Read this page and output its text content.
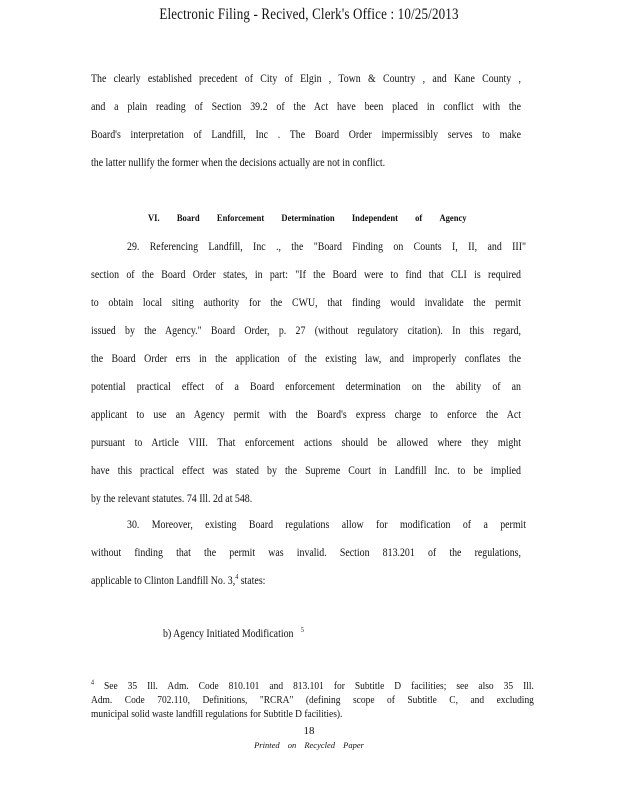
Electronic Filing - Recived, Clerk's Office : 10/25/2013
The clearly established precedent of City of Elgin , Town & Country , and Kane County ,
and a plain reading of Section 39.2 of the Act have been placed in conflict with the
Board's interpretation of Landfill, Inc . The Board Order impermissibly serves to make
the latter nullify the former when the decisions actually are not in conflict.
VI. Board Enforcement Determination Independent of Agency
29. Referencing Landfill, Inc ., the "Board Finding on Counts I, II, and III"
section of the Board Order states, in part: "If the Board were to find that CLI is required
to obtain local siting authority for the CWU, that finding would invalidate the permit
issued by the Agency." Board Order, p. 27 (without regulatory citation). In this regard,
the Board Order errs in the application of the existing law, and improperly conflates the
potential practical effect of a Board enforcement determination on the ability of an
applicant to use an Agency permit with the Board's express charge to enforce the Act
pursuant to Article VIII. That enforcement actions should be allowed where they might
have this practical effect was stated by the Supreme Court in Landfill Inc. to be implied
by the relevant statutes. 74 Ill. 2d at 548.
30. Moreover, existing Board regulations allow for modification of a permit
without finding that the permit was invalid. Section 813.201 of the regulations,
applicable to Clinton Landfill No. 3,$^4$ states:
b) Agency Initiated Modification $^5$
$^4$ See 35 Ill. Adm. Code 810.101 and 813.101 for Subtitle D facilities; see also 35 Ill.
Adm. Code 702.110, Definitions, "RCRA" (defining scope of Subtitle C, and excluding
municipal solid waste landfill regulations for Subtitle D facilities).
18
Printed on Recycled Paper
